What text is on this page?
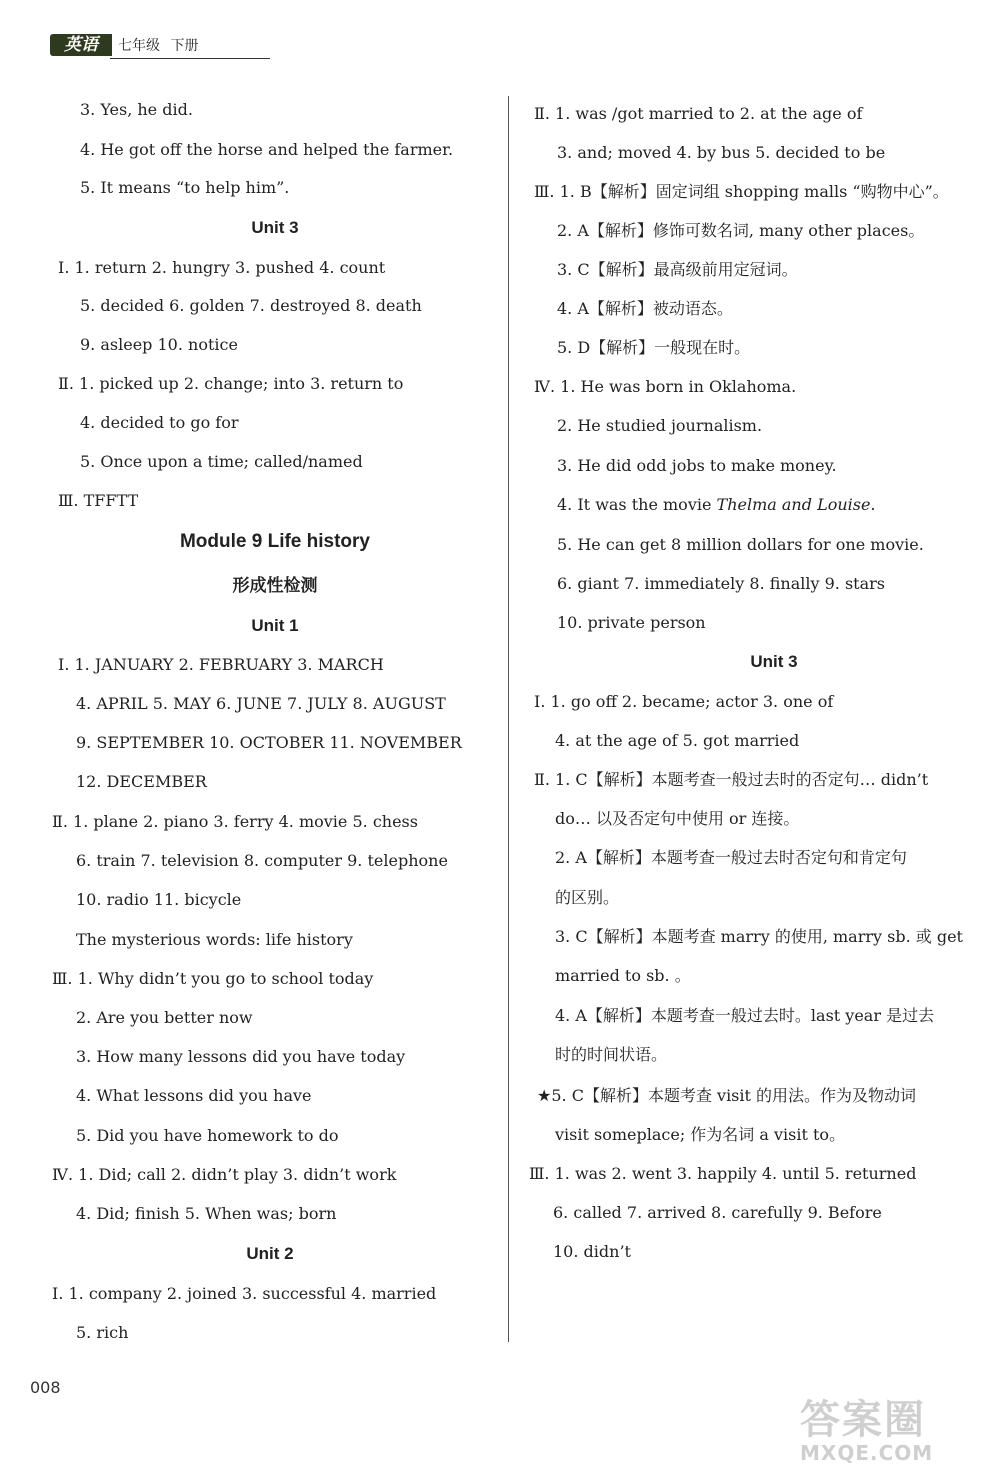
英语	七年级 下册
3. Yes, he did.
4. He got off the horse and helped the farmer.
5. It means “to help him”.
Unit 3
Ⅰ. 1. return 2. hungry 3. pushed 4. count
5. decided 6. golden 7. destroyed 8. death
9. asleep 10. notice
Ⅱ. 1. picked up 2. change; into 3. return to
4. decided to go for
5. Once upon a time; called/named
Ⅲ. TFFTT
Module 9 Life history
形成性检测
Unit 1
Ⅰ. 1. JANUARY 2. FEBRUARY 3. MARCH
4. APRIL 5. MAY 6. JUNE 7. JULY 8. AUGUST
9. SEPTEMBER 10. OCTOBER 11. NOVEMBER
12. DECEMBER
Ⅱ. 1. plane 2. piano 3. ferry 4. movie 5. chess
6. train 7. television 8. computer 9. telephone
10. radio 11. bicycle
The mysterious words: life history
Ⅲ. 1. Why didn’t you go to school today
2. Are you better now
3. How many lessons did you have today
4. What lessons did you have
5. Did you have homework to do
Ⅳ. 1. Did; call 2. didn’t play 3. didn’t work
4. Did; finish 5. When was; born
Unit 2
Ⅰ. 1. company 2. joined 3. successful 4. married
5. rich
Ⅱ. 1. was /got married to 2. at the age of
3. and; moved 4. by bus 5. decided to be
Ⅲ. 1. B【解析】固定词组 shopping malls “购物中心”。
2. A【解析】修饰可数名词, many other places。
3. C【解析】最高级前用定冠词。
4. A【解析】被动语态。
5. D【解析】一般现在时。
Ⅳ. 1. He was born in Oklahoma.
2. He studied journalism.
3. He did odd jobs to make money.
4. It was the movie Thelma and Louise.
5. He can get 8 million dollars for one movie.
6. giant 7. immediately 8. finally 9. stars
10. private person
Unit 3
Ⅰ. 1. go off 2. became; actor 3. one of
4. at the age of 5. got married
Ⅱ. 1. C【解析】本题考查一般过去时的否定句… didn’t
do… 以及否定句中使用 or 连接。
2. A【解析】本题考查一般过去时否定句和肯定句
的区别。
3. C【解析】本题考查 marry 的使用, marry sb. 或 get
married to sb. 。
4. A【解析】本题考查一般过去时。last year 是过去
时的时间状语。
★5. C【解析】本题考查 visit 的用法。作为及物动词
visit someplace; 作为名词 a visit to。
Ⅲ. 1. was 2. went 3. happily 4. until 5. returned
6. called 7. arrived 8. carefully 9. Before
10. didn’t
008
答案圈
MXQE.COM
